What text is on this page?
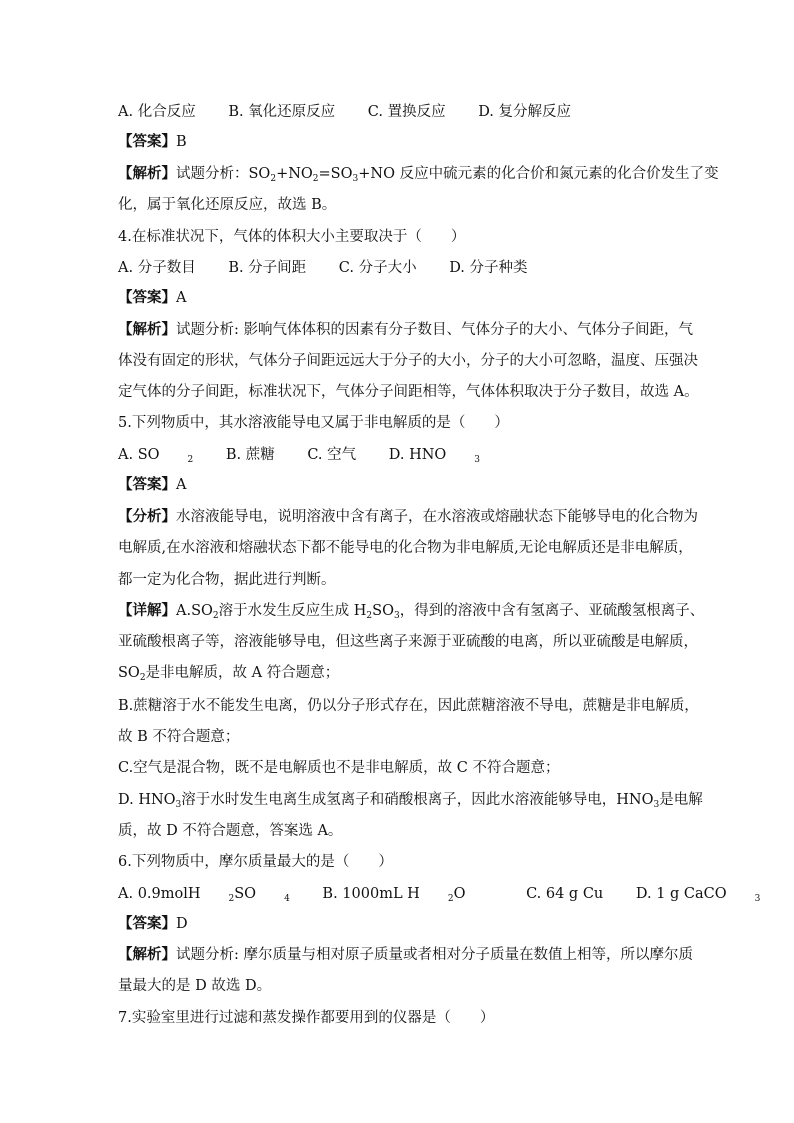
A. 化合反应 B. 氧化还原反应 C. 置换反应 D. 复分解反应
【答案】B
【解析】试题分析：$SO_2+NO_2=SO_3+NO$ 反应中硫元素的化合价和氮元素的化合价发生了变
化，属于氧化还原反应，故选 B。
4.在标准状况下，气体的体积大小主要取决于（　　）
A. 分子数目 B. 分子间距 C. 分子大小 D. 分子种类
【答案】A
【解析】试题分析: 影响气体体积的因素有分子数目、气体分子的大小、气体分子间距，气
体没有固定的形状，气体分子间距远远大于分子的大小，分子的大小可忽略，温度、压强决
定气体的分子间距，标准状况下，气体分子间距相等，气体体积取决于分子数目，故选 A。
5.下列物质中，其水溶液能导电又属于非电解质的是（　　）
A. SO	$_2$ B. 蔗糖 C. 空气 D. HNO	$_3$
【答案】A
【分析】水溶液能导电，说明溶液中含有离子，在水溶液或熔融状态下能够导电的化合物为
电解质,在水溶液和熔融状态下都不能导电的化合物为非电解质,无论电解质还是非电解质，
都一定为化合物，据此进行判断。
【详解】$A.SO_2$溶于水发生反应生成 $H_2SO_3$，得到的溶液中含有氢离子、亚硫酸氢根离子、
亚硫酸根离子等，溶液能够导电，但这些离子来源于亚硫酸的电离，所以亚硫酸是电解质，
$SO_2$是非电解质，故 A 符合题意；
B.蔗糖溶于水不能发生电离，仍以分子形式存在，因此蔗糖溶液不导电，蔗糖是非电解质，
故 B 不符合题意；
C.空气是混合物，既不是电解质也不是非电解质，故 C 不符合题意；
D. $HNO_3$溶于水时发生电离生成氢离子和硝酸根离子，因此水溶液能够导电，$HNO_3$是电解
质，故 D 不符合题意，答案选 A。
6.下列物质中，摩尔质量最大的是（　　）
A. 0.9molH	$_2$SO	$_4$ B. 1000mL H	$_2$O	C. 64 g Cu D. 1 g CaCO	$_3$
【答案】D
【解析】试题分析: 摩尔质量与相对原子质量或者相对分子质量在数值上相等，所以摩尔质
量最大的是 D 故选 D。
7.实验室里进行过滤和蒸发操作都要用到的仪器是（　　）
